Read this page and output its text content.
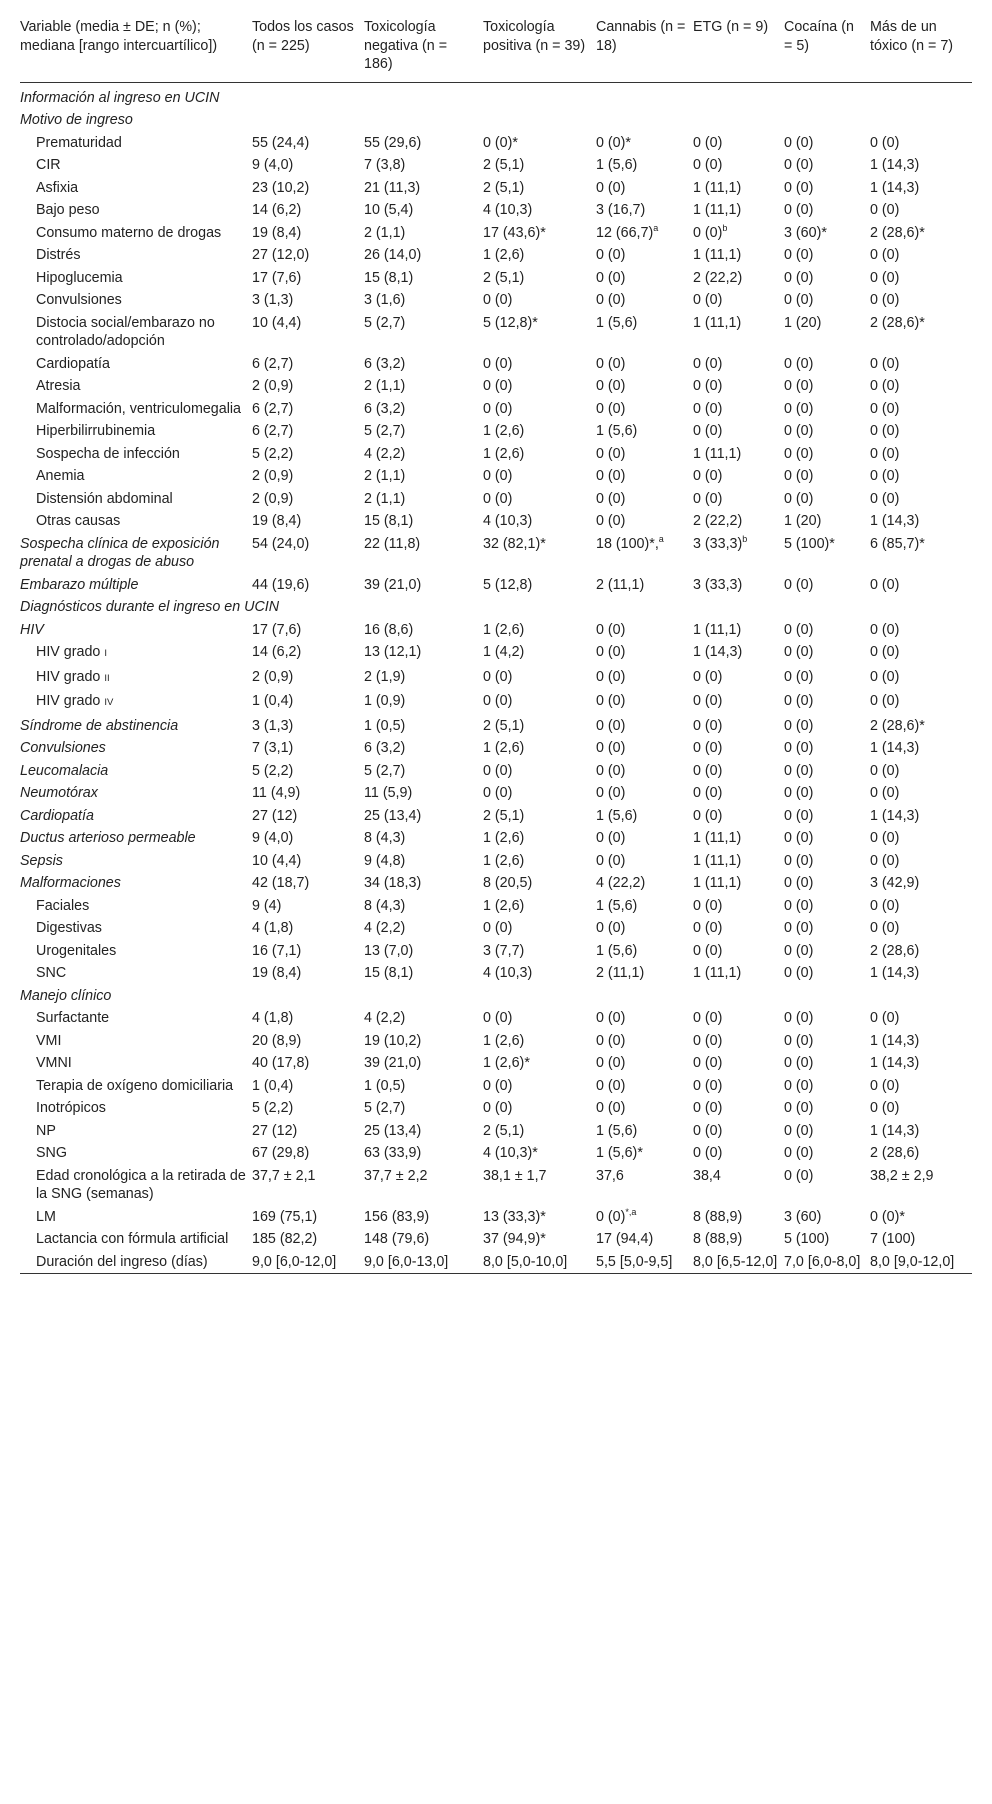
Variable (media ± DE; n (%); mediana [rango intercuartílico])	Todos los casos (n = 225)	Toxicología negativa (n = 186)	Toxicología positiva (n = 39)	Cannabis (n = 18)	ETG (n = 9)	Cocaína (n = 5)	Más de un tóxico (n = 7)
Información al ingreso en UCIN							
Motivo de ingreso							
Prematuridad	55 (24,4)	55 (29,6)	0 (0)*	0 (0)*	0 (0)	0 (0)	0 (0)
CIR	9 (4,0)	7 (3,8)	2 (5,1)	1 (5,6)	0 (0)	0 (0)	1 (14,3)
Asfixia	23 (10,2)	21 (11,3)	2 (5,1)	0 (0)	1 (11,1)	0 (0)	1 (14,3)
Bajo peso	14 (6,2)	10 (5,4)	4 (10,3)	3 (16,7)	1 (11,1)	0 (0)	0 (0)
Consumo materno de drogas	19 (8,4)	2 (1,1)	17 (43,6)*	12 $(66,7)^a$	0 $(0)^b$	3 (60)*	2 (28,6)*
Distrés	27 (12,0)	26 (14,0)	1 (2,6)	0 (0)	1 (11,1)	0 (0)	0 (0)
Hipoglucemia	17 (7,6)	15 (8,1)	2 (5,1)	0 (0)	2 (22,2)	0 (0)	0 (0)
Convulsiones	3 (1,3)	3 (1,6)	0 (0)	0 (0)	0 (0)	0 (0)	0 (0)
Distocia social/embarazo no controlado/adopción	10 (4,4)	5 (2,7)	5 (12,8)*	1 (5,6)	1 (11,1)	1 (20)	2 (28,6)*
Cardiopatía	6 (2,7)	6 (3,2)	0 (0)	0 (0)	0 (0)	0 (0)	0 (0)
Atresia	2 (0,9)	2 (1,1)	0 (0)	0 (0)	0 (0)	0 (0)	0 (0)
Malformación, ventriculomegalia	6 (2,7)	6 (3,2)	0 (0)	0 (0)	0 (0)	0 (0)	0 (0)
Hiperbilirrubinemia	6 (2,7)	5 (2,7)	1 (2,6)	1 (5,6)	0 (0)	0 (0)	0 (0)
Sospecha de infección	5 (2,2)	4 (2,2)	1 (2,6)	0 (0)	1 (11,1)	0 (0)	0 (0)
Anemia	2 (0,9)	2 (1,1)	0 (0)	0 (0)	0 (0)	0 (0)	0 (0)
Distensión abdominal	2 (0,9)	2 (1,1)	0 (0)	0 (0)	0 (0)	0 (0)	0 (0)
Otras causas	19 (8,4)	15 (8,1)	4 (10,3)	0 (0)	2 (22,2)	1 (20)	1 (14,3)
Sospecha clínica de exposición prenatal a drogas de abuso	54 (24,0)	22 (11,8)	32 (82,1)*	18 (100)*,$^a$	3 $(33,3)^b$	5 (100)*	6 (85,7)*
Embarazo múltiple	44 (19,6)	39 (21,0)	5 (12,8)	2 (11,1)	3 (33,3)	0 (0)	0 (0)
Diagnósticos durante el ingreso en UCIN							
HIV	17 (7,6)	16 (8,6)	1 (2,6)	0 (0)	1 (11,1)	0 (0)	0 (0)
HIV grado I	14 (6,2)	13 (12,1)	1 (4,2)	0 (0)	1 (14,3)	0 (0)	0 (0)
HIV grado II	2 (0,9)	2 (1,9)	0 (0)	0 (0)	0 (0)	0 (0)	0 (0)
HIV grado IV	1 (0,4)	1 (0,9)	0 (0)	0 (0)	0 (0)	0 (0)	0 (0)
Síndrome de abstinencia	3 (1,3)	1 (0,5)	2 (5,1)	0 (0)	0 (0)	0 (0)	2 (28,6)*
Convulsiones	7 (3,1)	6 (3,2)	1 (2,6)	0 (0)	0 (0)	0 (0)	1 (14,3)
Leucomalacia	5 (2,2)	5 (2,7)	0 (0)	0 (0)	0 (0)	0 (0)	0 (0)
Neumotórax	11 (4,9)	11 (5,9)	0 (0)	0 (0)	0 (0)	0 (0)	0 (0)
Cardiopatía	27 (12)	25 (13,4)	2 (5,1)	1 (5,6)	0 (0)	0 (0)	1 (14,3)
Ductus arterioso permeable	9 (4,0)	8 (4,3)	1 (2,6)	0 (0)	1 (11,1)	0 (0)	0 (0)
Sepsis	10 (4,4)	9 (4,8)	1 (2,6)	0 (0)	1 (11,1)	0 (0)	0 (0)
Malformaciones	42 (18,7)	34 (18,3)	8 (20,5)	4 (22,2)	1 (11,1)	0 (0)	3 (42,9)
Faciales	9 (4)	8 (4,3)	1 (2,6)	1 (5,6)	0 (0)	0 (0)	0 (0)
Digestivas	4 (1,8)	4 (2,2)	0 (0)	0 (0)	0 (0)	0 (0)	0 (0)
Urogenitales	16 (7,1)	13 (7,0)	3 (7,7)	1 (5,6)	0 (0)	0 (0)	2 (28,6)
SNC	19 (8,4)	15 (8,1)	4 (10,3)	2 (11,1)	1 (11,1)	0 (0)	1 (14,3)
Manejo clínico							
Surfactante	4 (1,8)	4 (2,2)	0 (0)	0 (0)	0 (0)	0 (0)	0 (0)
VMI	20 (8,9)	19 (10,2)	1 (2,6)	0 (0)	0 (0)	0 (0)	1 (14,3)
VMNI	40 (17,8)	39 (21,0)	1 (2,6)*	0 (0)	0 (0)	0 (0)	1 (14,3)
Terapia de oxígeno domiciliaria	1 (0,4)	1 (0,5)	0 (0)	0 (0)	0 (0)	0 (0)	0 (0)
Inotrópicos	5 (2,2)	5 (2,7)	0 (0)	0 (0)	0 (0)	0 (0)	0 (0)
NP	27 (12)	25 (13,4)	2 (5,1)	1 (5,6)	0 (0)	0 (0)	1 (14,3)
SNG	67 (29,8)	63 (33,9)	4 (10,3)*	1 (5,6)*	0 (0)	0 (0)	2 (28,6)
Edad cronológica a la retirada de la SNG (semanas)	37,7 ± 2,1	37,7 ± 2,2	38,1 ± 1,7	37,6	38,4	0 (0)	38,2 ± 2,9
LM	169 (75,1)	156 (83,9)	13 (33,3)*	0 $(0)^{*,a}$	8 (88,9)	3 (60)	0 (0)*
Lactancia con fórmula artificial	185 (82,2)	148 (79,6)	37 (94,9)*	17 (94,4)	8 (88,9)	5 (100)	7 (100)
Duración del ingreso (días)	9,0 [6,0-12,0]	9,0 [6,0-13,0]	8,0 [5,0-10,0]	5,5 [5,0-9,5]	8,0 [6,5-12,0]	7,0 [6,0-8,0]	8,0 [9,0-12,0]
